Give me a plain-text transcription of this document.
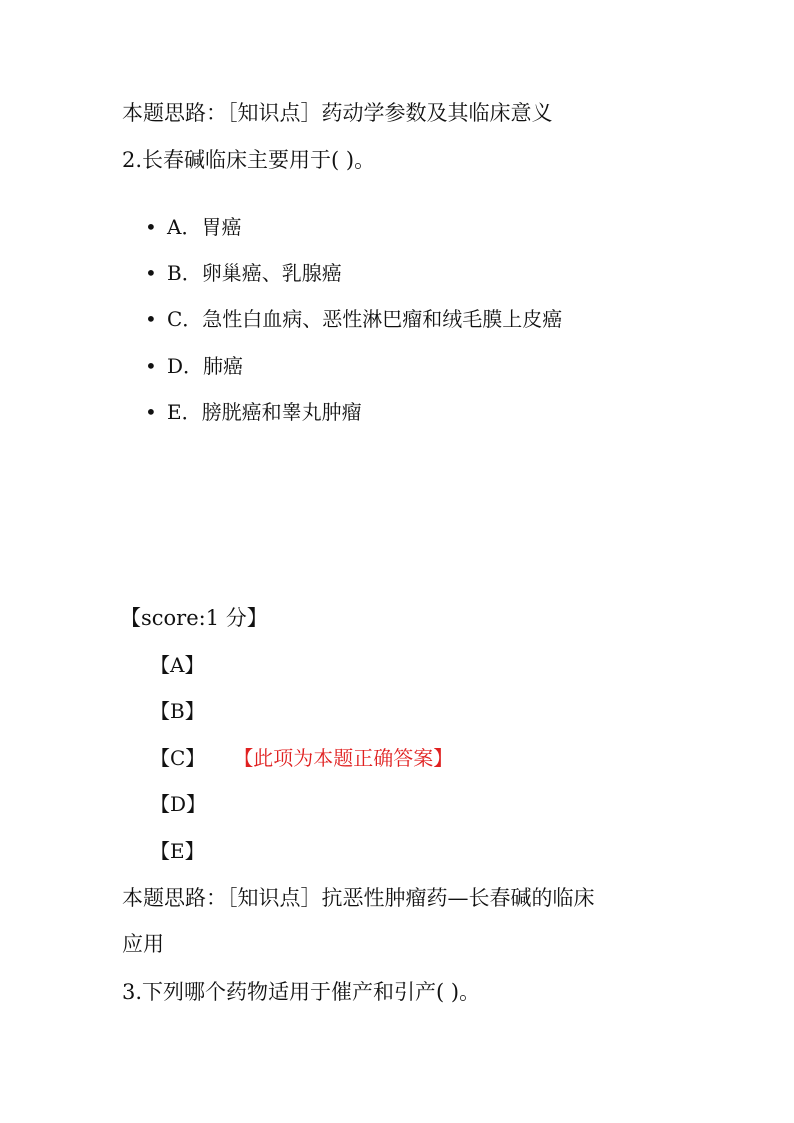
本题思路：［知识点］药动学参数及其临床意义
2.长春碱临床主要用于( )。
• A．胃癌
• B．卵巢癌、乳腺癌
• C．急性白血病、恶性淋巴瘤和绒毛膜上皮癌
• D．肺癌
• E．膀胱癌和睾丸肿瘤
【score:1 分】
【A】
【B】
【C】 【此项为本题正确答案】
【D】
【E】
本题思路：［知识点］抗恶性肿瘤药—长春碱的临床
应用
3.下列哪个药物适用于催产和引产( )。
